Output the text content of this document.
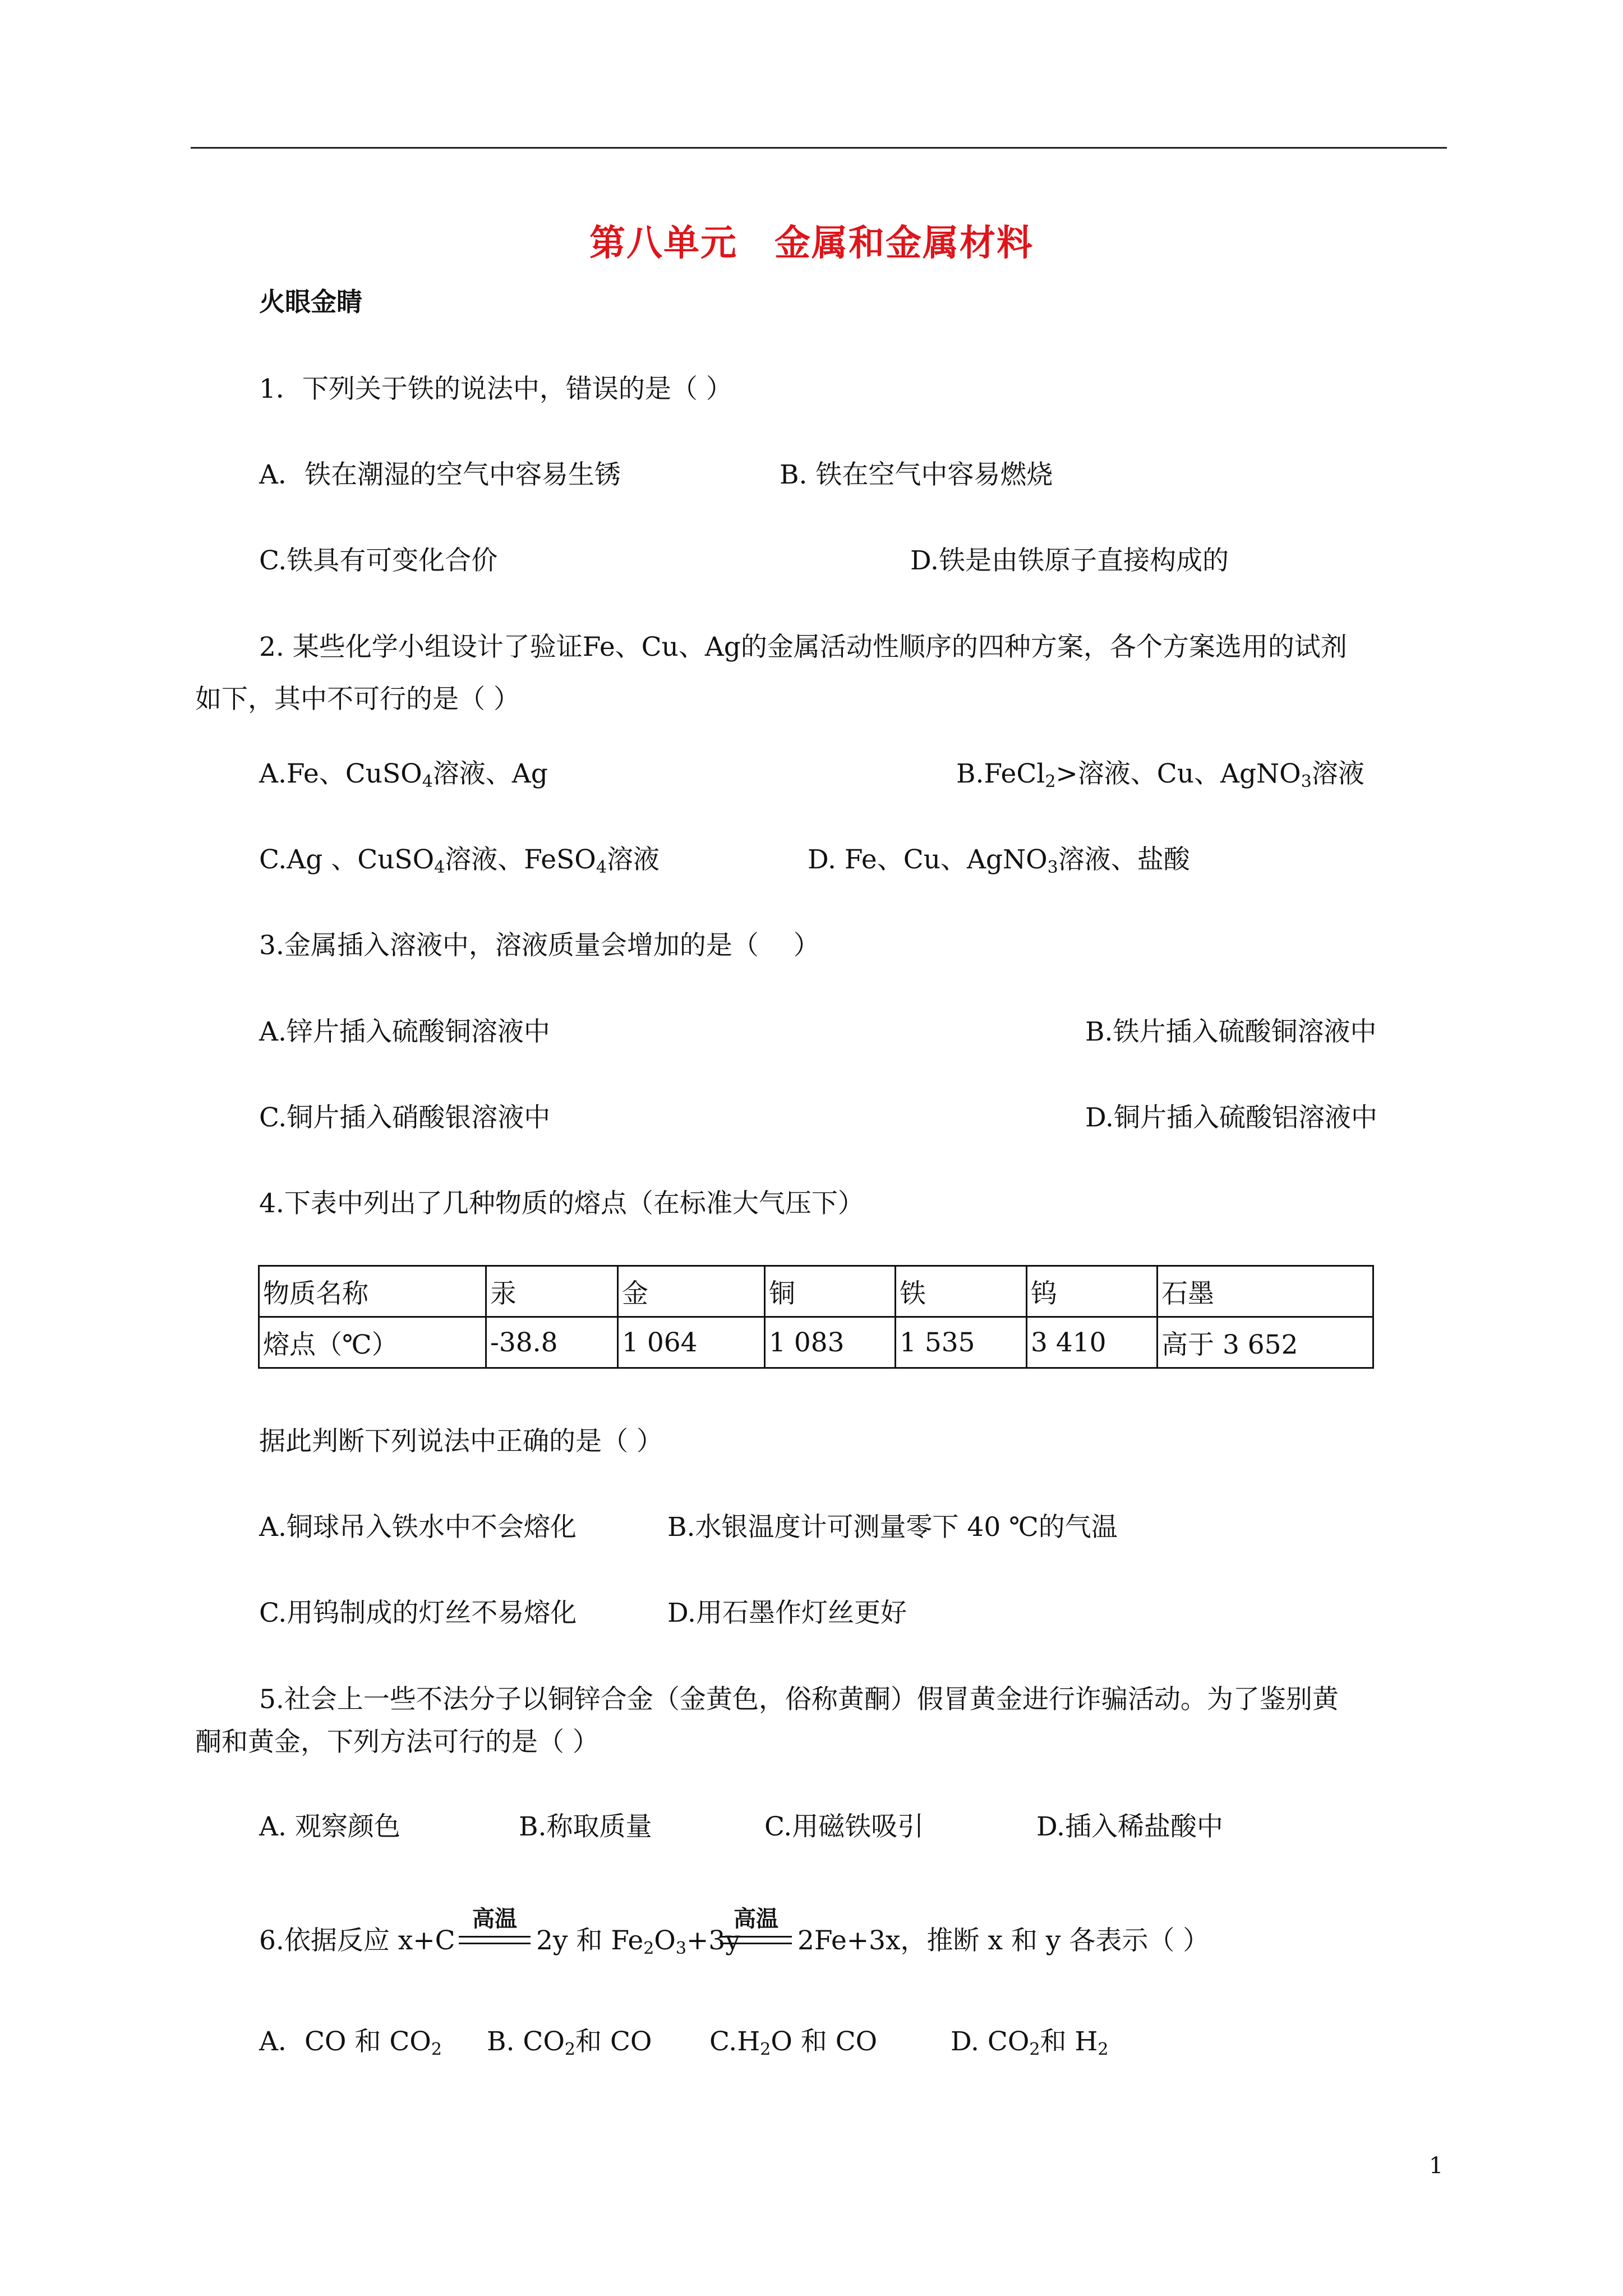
第八单元　金属和金属材料
火眼金睛
1．下列关于铁的说法中，错误的是（ ）
A．铁在潮湿的空气中容易生锈	B. 铁在空气中容易燃烧
C.铁具有可变化合价	D.铁是由铁原子直接构成的
2. 某些化学小组设计了验证Fe、Cu、Ag的金属活动性顺序的四种方案，各个方案选用的试剂
如下，其中不可行的是（ ）
A.Fe、CuSO$_4$溶液、Ag	B.FeCl$_2$>溶液、Cu、AgNO$_3$溶液
C.Ag 、CuSO$_4$溶液、FeSO$_4$溶液	D. Fe、Cu、AgNO$_3$溶液、盐酸
3.金属插入溶液中，溶液质量会增加的是（　 ）
A.锌片插入硫酸铜溶液中	B.铁片插入硫酸铜溶液中
C.铜片插入硝酸银溶液中	D.铜片插入硫酸铝溶液中
4.下表中列出了几种物质的熔点（在标准大气压下）
物质名称	汞	金	铜	铁	钨	石墨
熔点（℃）	-38.8	1 064	1 083	1 535	3 410	高于 3 652
据此判断下列说法中正确的是（ ）
A.铜球吊入铁水中不会熔化	B.水银温度计可测量零下 40 ℃的气温
C.用钨制成的灯丝不易熔化	D.用石墨作灯丝更好
5.社会上一些不法分子以铜锌合金（金黄色，俗称黄酮）假冒黄金进行诈骗活动。为了鉴别黄
酮和黄金，下列方法可行的是（ ）
A. 观察颜色	B.称取质量	C.用磁铁吸引	D.插入稀盐酸中
6.依据反应 x+C
高温
2y 和 $Fe_2O_3+3y$
高温
2Fe+3x，推断 x 和 y 各表示（ ）
A．CO 和 $CO_2$ B. $CO_2$和 CO $C.H_2O$ 和 CO	D. $CO_2$和 $H_2$
1
